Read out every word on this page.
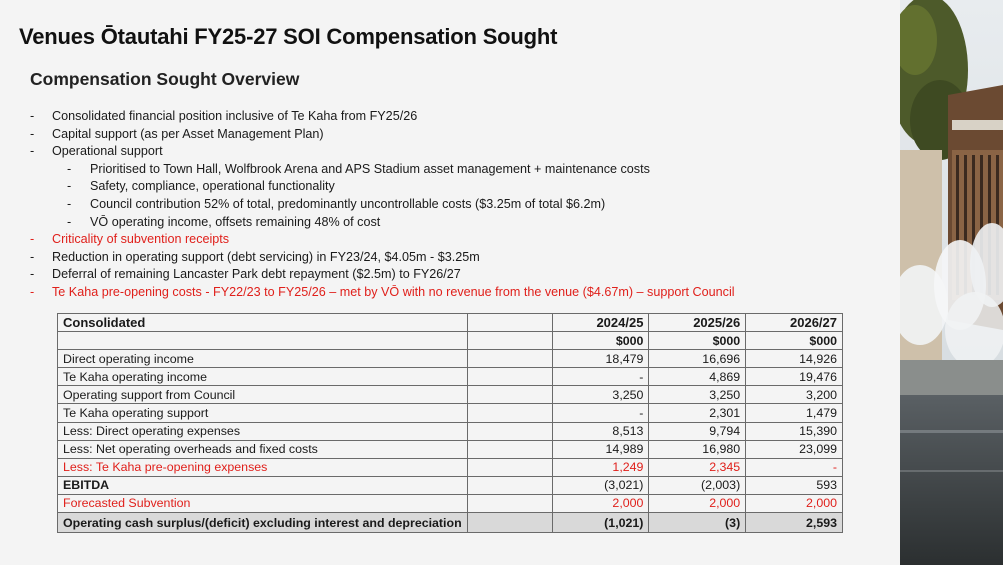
Venues Ōtautahi FY25-27 SOI Compensation Sought
Compensation Sought Overview
- Consolidated financial position inclusive of Te Kaha from FY25/26
- Capital support (as per Asset Management Plan)
- Operational support
- Prioritised to Town Hall, Wolfbrook Arena and APS Stadium asset management + maintenance costs
- Safety, compliance, operational functionality
- Council contribution 52% of total, predominantly uncontrollable costs ($3.25m of total $6.2m)
- VŌ operating income, offsets remaining 48% of cost
- Criticality of subvention receipts
- Reduction in operating support (debt servicing) in FY23/24, $4.05m - $3.25m
- Deferral of remaining Lancaster Park debt repayment ($2.5m) to FY26/27
- Te Kaha pre-opening costs - FY22/23 to FY25/26 – met by VŌ with no revenue from the venue ($4.67m) – support Council
Consolidated		2024/25	2025/26	2026/27
		$000	$000	$000
Direct operating income		18,479	16,696	14,926
Te Kaha operating income		-	4,869	19,476
Operating support from Council		3,250	3,250	3,200
Te Kaha operating support		-	2,301	1,479
Less: Direct operating expenses		8,513	9,794	15,390
Less: Net operating overheads and fixed costs		14,989	16,980	23,099
Less: Te Kaha pre-opening expenses		1,249	2,345	-
EBITDA		(3,021)	(2,003)	593
Forecasted Subvention		2,000	2,000	2,000
Operating cash surplus/(deficit) excluding interest and depreciation		(1,021)	(3)	2,593
